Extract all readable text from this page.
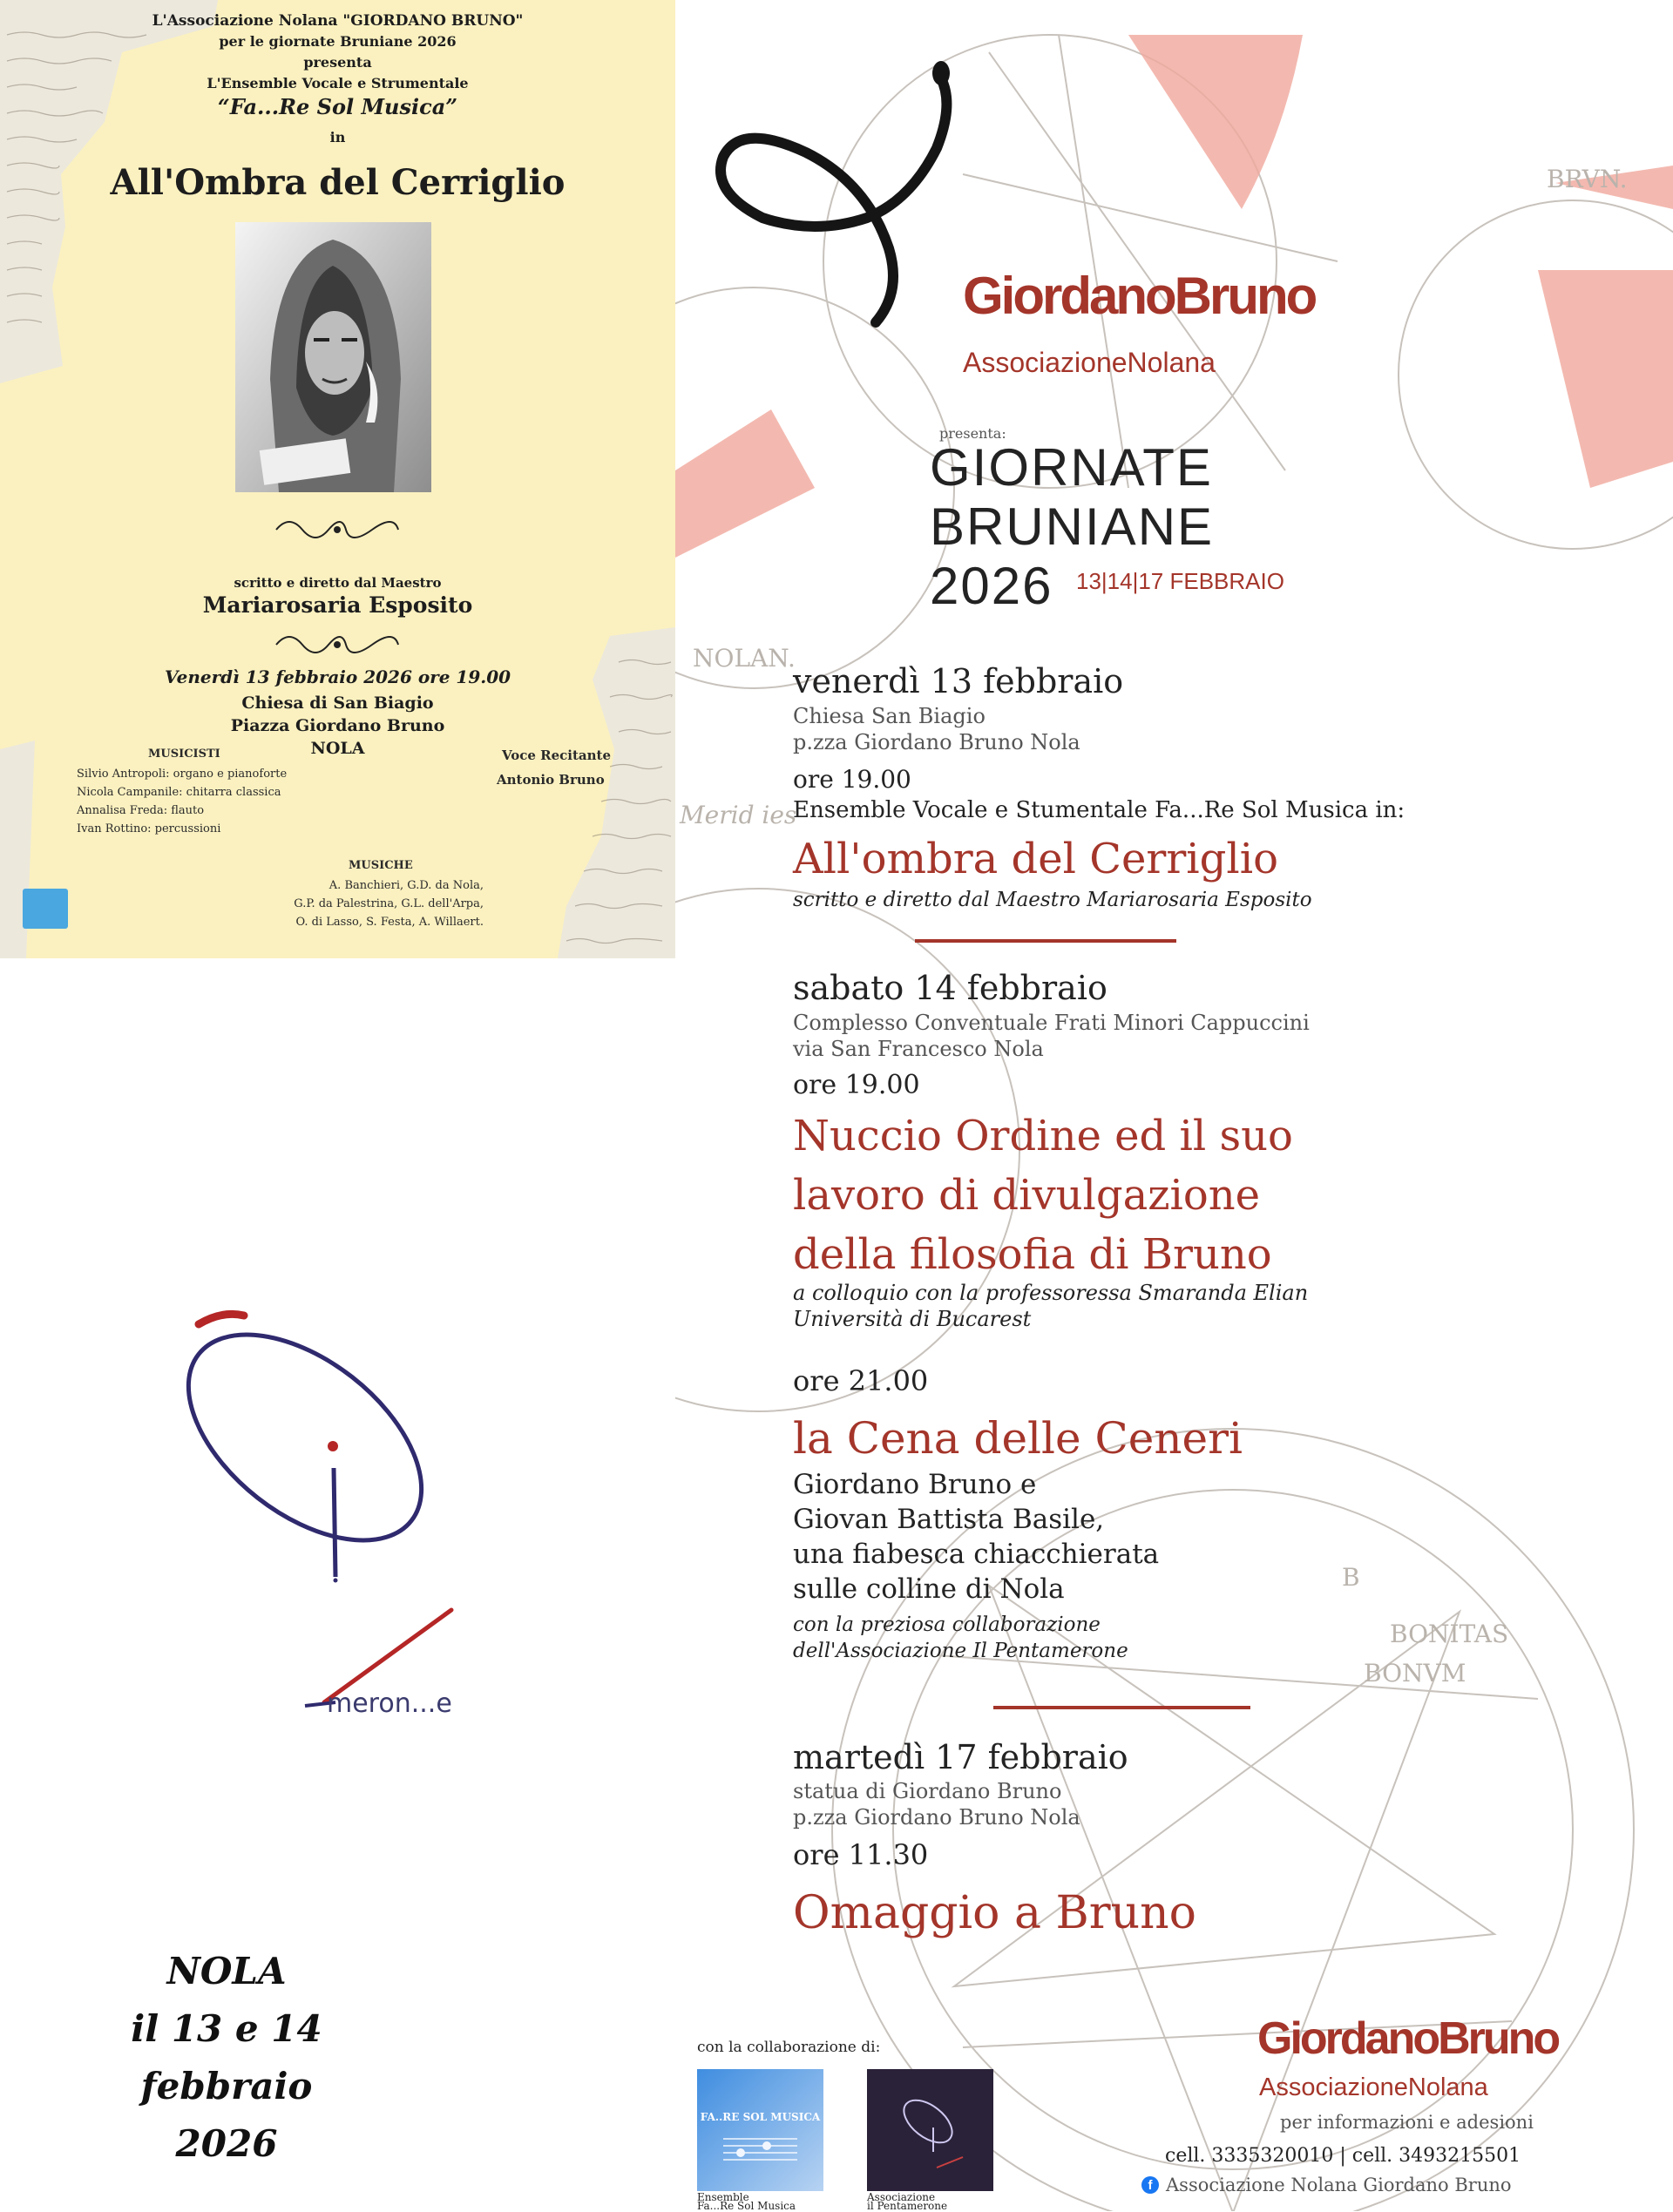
L'Associazione Nolana "GIORDANO BRUNO"
per le giornate Bruniane 2026
presenta
L'Ensemble Vocale e Strumentale
“Fa...Re Sol Musica”
in
All'Ombra del Cerriglio
scritto e diretto dal Maestro
Mariarosaria Esposito
Venerdì 13 febbraio 2026 ore 19.00
Chiesa di San Biagio
Piazza Giordano Bruno
NOLA
MUSICISTI
Silvio Antropoli: organo e pianoforte
Nicola Campanile: chitarra classica
Annalisa Freda: flauto
Ivan Rottino: percussioni
Voce Recitante
Antonio Bruno
MUSICHE
A. Banchieri, G.D. da Nola,
G.P. da Palestrina, G.L. dell'Arpa,
O. di Lasso, S. Festa, A. Willaert.
meron...e
NOLA
il 13 e 14 febbraio
2026
BRVN.
NOLAN.
Merid ies
BONITAS
BONVM
B
GiordanoBruno
AssociazioneNolana
presenta:
GIORNATE
BRUNIANE
2026 13|14|17 FEBBRAIO
venerdì 13 febbraio
Chiesa San Biagio
p.zza Giordano Bruno Nola
ore 19.00
Ensemble Vocale e Stumentale Fa...Re Sol Musica in:
All'ombra del Cerriglio
scritto e diretto dal Maestro Mariarosaria Esposito
sabato 14 febbraio
Complesso Conventuale Frati Minori Cappuccini
via San Francesco Nola
ore 19.00
Nuccio Ordine ed il suo
lavoro di divulgazione
della filosofia di Bruno
a colloquio con la professoressa Smaranda Elian
Università di Bucarest
ore 21.00
la Cena delle Ceneri
Giordano Bruno e
Giovan Battista Basile,
una fiabesca chiacchierata
sulle colline di Nola
con la preziosa collaborazione
dell'Associazione Il Pentamerone
martedì 17 febbraio
statua di Giordano Bruno
p.zza Giordano Bruno Nola
ore 11.30
Omaggio a Bruno
con la collaborazione di:
FA..RE SOL MUSICA
Ensemble
Fa...Re Sol Musica
Associazione
il Pentamerone
GiordanoBruno
AssociazioneNolana
per informazioni e adesioni
cell. 3335320010 | cell. 3493215501
f Associazione Nolana Giordano Bruno
